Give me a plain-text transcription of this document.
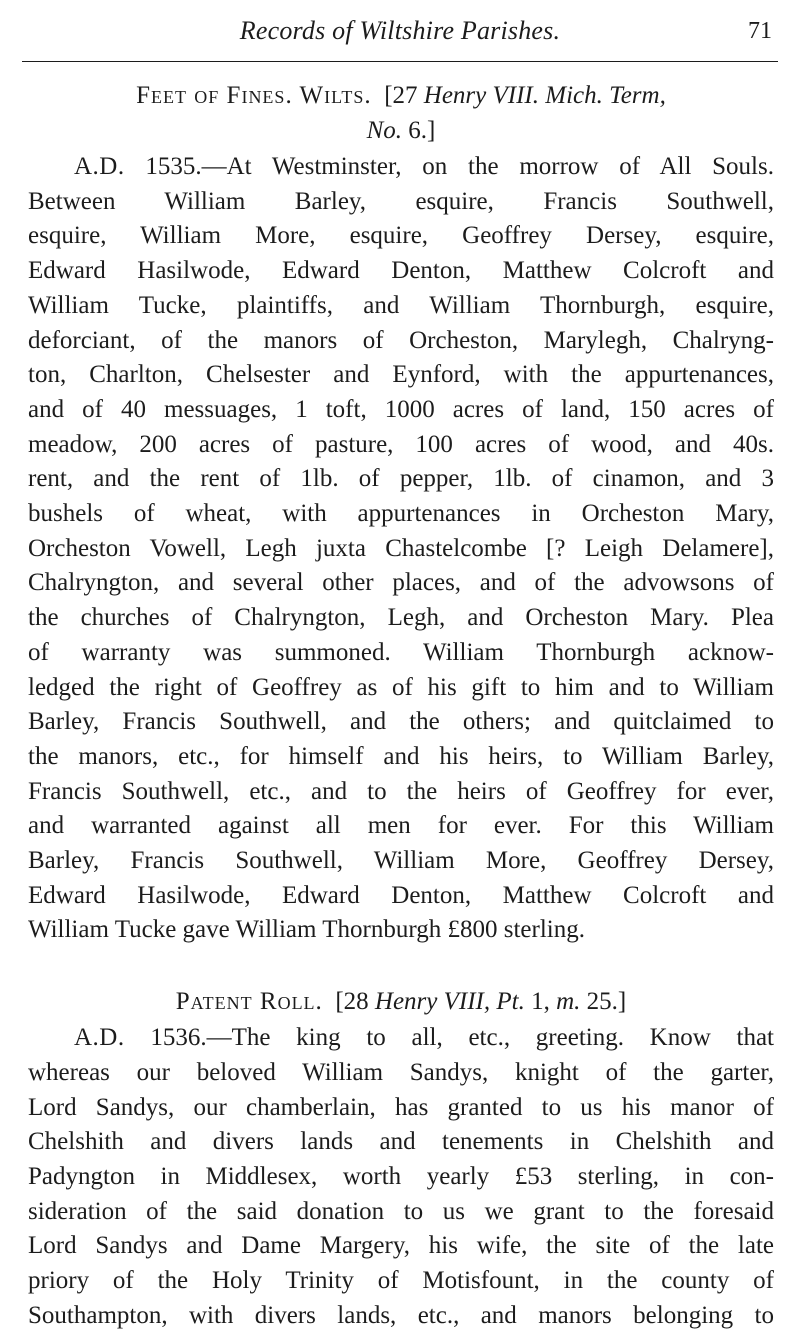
Records of Wiltshire Parishes.	71

Feet of Fines. Wilts. [27 Henry VIII. Mich. Term,

No. 6.]

A.D. 1535.—At Westminster, on the morrow of All Souls.
Between William Barley, esquire, Francis Southwell,
esquire, William More, esquire, Geoffrey Dersey, esquire,
Edward Hasilwode, Edward Denton, Matthew Colcroft and
William Tucke, plaintiffs, and William Thornburgh, esquire,
deforciant, of the manors of Orcheston, Marylegh, Chalryng-
ton, Charlton, Chelsester and Eynford, with the appurtenances,
and of 40 messuages, 1 toft, 1000 acres of land, 150 acres of
meadow, 200 acres of pasture, 100 acres of wood, and 40s.
rent, and the rent of 1lb. of pepper, 1lb. of cinamon, and 3
bushels of wheat, with appurtenances in Orcheston Mary,
Orcheston Vowell, Legh juxta Chastelcombe [? Leigh Delamere],
Chalryngton, and several other places, and of the advowsons of
the churches of Chalryngton, Legh, and Orcheston Mary. Plea
of warranty was summoned. William Thornburgh acknow-
ledged the right of Geoffrey as of his gift to him and to William
Barley, Francis Southwell, and the others; and quitclaimed to
the manors, etc., for himself and his heirs, to William Barley,
Francis Southwell, etc., and to the heirs of Geoffrey for ever,
and warranted against all men for ever. For this William
Barley, Francis Southwell, William More, Geoffrey Dersey,
Edward Hasilwode, Edward Denton, Matthew Colcroft and
William Tucke gave William Thornburgh £800 sterling.

Patent Roll. [28 Henry VIII, Pt. 1, m. 25.]

A.D. 1536.—The king to all, etc., greeting. Know that
whereas our beloved William Sandys, knight of the garter,
Lord Sandys, our chamberlain, has granted to us his manor of
Chelshith and divers lands and tenements in Chelshith and
Padyngton in Middlesex, worth yearly £53 sterling, in con-
sideration of the said donation to us we grant to the foresaid
Lord Sandys and Dame Margery, his wife, the site of the late
priory of the Holy Trinity of Motisfount, in the county of
Southampton, with divers lands, etc., and manors belonging to
